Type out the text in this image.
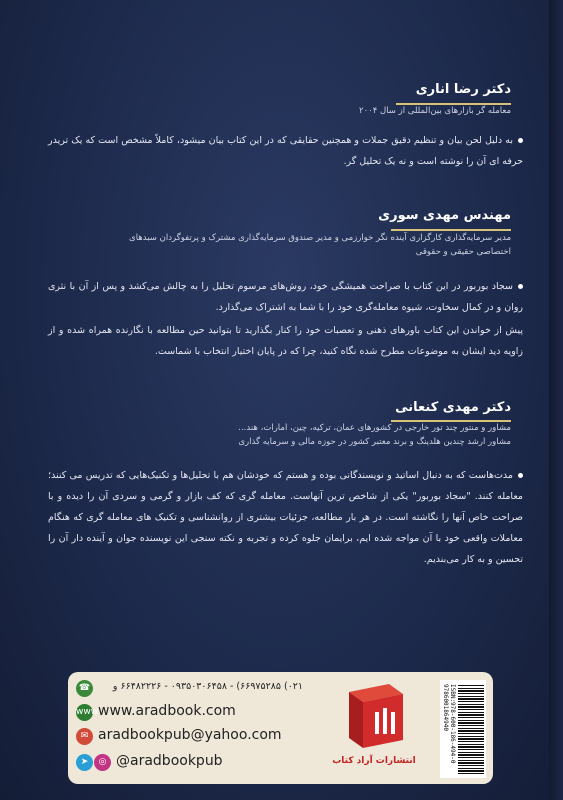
دکتر رضا اناری
معامله گر بازارهای بین‌المللی از سال ۲۰۰۴
به دلیل لحن بیان و تنظیم دقیق جملات و همچنین حقایقی که در این کتاب بیان میشود، کاملاً مشخص است که یک تریدر حرفه ای آن را نوشته است و نه یک تحلیل گر.
مهندس مهدی سوری
مدیر سرمایه‌گذاری کارگزاری آینده نگر خوارزمی و مدیر صندوق سرمایه‌گذاری مشترک و پرتفوگردان سبدهای
اختصاصی حقیقی و حقوقی
سجاد بوربور در این کتاب با صراحت همیشگی خود، روش‌های مرسوم تحلیل را به چالش می‌کشد و پس از آن با نثری روان و در کمال سخاوت، شیوه معامله‌گری خود را با شما به اشتراک می‌گذارد.
پیش از خواندن این کتاب باورهای ذهنی و تعصبات خود را کنار بگذارید تا بتوانید حین مطالعه با نگارنده همراه شده و از زاویه دید ایشان به موضوعات مطرح شده نگاه کنید، چرا که در پایان اختیار انتخاب با شماست.
دکتر مهدی کنعانی
مشاور و منتور چند تور خارجی در کشورهای عمان، ترکیه، چین، امارات، هند...
مشاور ارشد چندین هلدینگ و برند معتبر کشور در حوزه مالی و سرمایه گذاری
مدت‌هاست که به دنبال اساتید و نویسندگانی بوده و هستم که خودشان هم با تحلیل‌ها و تکنیک‌هایی که تدریس می کنند؛ معامله کنند. "سجاد بوربور" یکی از شاخص ترین آنهاست. معامله گری که کف بازار و گرمی و سردی آن را دیده و با صراحت خاص آنها را نگاشته است. در هر بار مطالعه، جزئیات بیشتری از روانشناسی و تکنیک های معامله گری که هنگام معاملات واقعی خود با آن مواجه شده ایم، برایمان جلوه کرده و تجربه و نکته سنجی این نویسنده جوان و آینده دار آن را تحسین و به کار می‌بندیم.
☎	۰۲۱) ۶۶۹۷۵۲۸۵) - ۰۹۳۵۰۳۰۶۴۵۸ - ۶۶۴۸۲۲۲۶ و
www www.aradbook.com
✉ aradbookpub@yahoo.com
➤	◎ @aradbookpub	انتشارات آراد کتاب	ISBN:978-600-186-494-0 9786001864940
